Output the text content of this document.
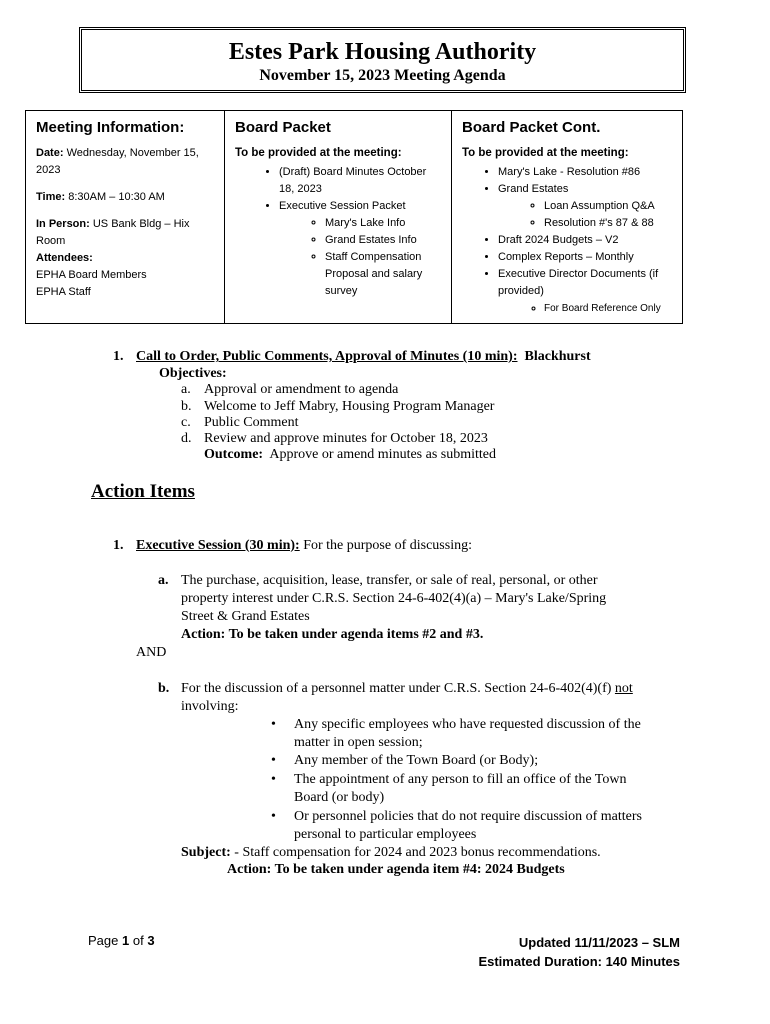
Estes Park Housing Authority
November 15, 2023 Meeting Agenda
Meeting Information:

Date: Wednesday, November 15, 2023

Time: 8:30AM – 10:30 AM

In Person: US Bank Bldg – Hix Room
Attendees:
EPHA Board Members
EPHA Staff
Board Packet
To be provided at the meeting:
• (Draft) Board Minutes October 18, 2023
• Executive Session Packet
◦ Mary's Lake Info
◦ Grand Estates Info
◦ Staff Compensation Proposal and salary survey
Board Packet Cont.
To be provided at the meeting:
• Mary's Lake - Resolution #86
• Grand Estates
◦ Loan Assumption Q&A
◦ Resolution #'s 87 & 88
• Draft 2024 Budgets – V2
• Complex Reports – Monthly
• Executive Director Documents (if provided)
◦ For Board Reference Only
1. Call to Order, Public Comments, Approval of Minutes (10 min): Blackhurst
Objectives:
a. Approval or amendment to agenda
b. Welcome to Jeff Mabry, Housing Program Manager
c. Public Comment
d. Review and approve minutes for October 18, 2023
Outcome: Approve or amend minutes as submitted
Action Items
1. Executive Session (30 min): For the purpose of discussing:
a. The purchase, acquisition, lease, transfer, or sale of real, personal, or other
property interest under C.R.S. Section 24-6-402(4)(a) – Mary's Lake/Spring
Street & Grand Estates
Action: To be taken under agenda items #2 and #3.
AND
b. For the discussion of a personnel matter under C.R.S. Section 24-6-402(4)(f) not
involving:
• Any specific employees who have requested discussion of the
matter in open session;
• Any member of the Town Board (or Body);
• The appointment of any person to fill an office of the Town
Board (or body)
• Or personnel policies that do not require discussion of matters
personal to particular employees
Subject: - Staff compensation for 2024 and 2023 bonus recommendations.
Action: To be taken under agenda item #4: 2024 Budgets
Page 1 of 3	Updated 11/11/2023 – SLM
Estimated Duration: 140 Minutes
